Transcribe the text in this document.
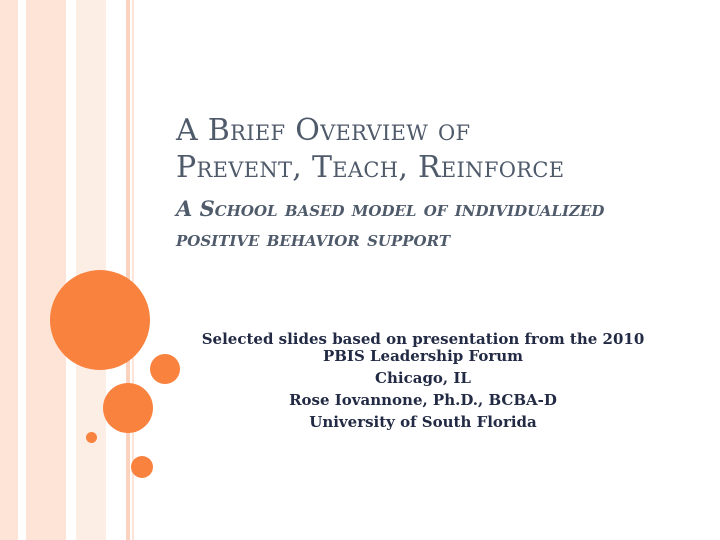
A Brief Overview of
Prevent, Teach, Reinforce
A School based model of individualized
positive behavior support
Selected slides based on presentation from the 2010
PBIS Leadership Forum
Chicago, IL
Rose Iovannone, Ph.D., BCBA-D
University of South Florida
